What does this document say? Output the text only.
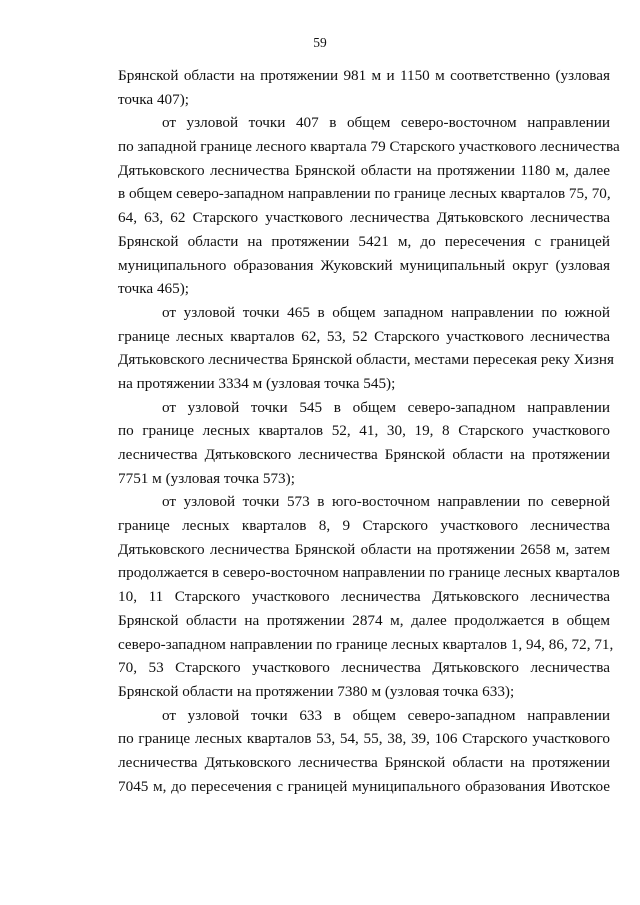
59
Брянской области на протяжении 981 м и 1150 м соответственно (узловая
точка 407);
от узловой точки 407 в общем северо-восточном направлении
по западной границе лесного квартала 79 Старского участкового лесничества
Дятьковского лесничества Брянской области на протяжении 1180 м, далее
в общем северо-западном направлении по границе лесных кварталов 75, 70,
64, 63, 62 Старского участкового лесничества Дятьковского лесничества
Брянской области на протяжении 5421 м, до пересечения с границей
муниципального образования Жуковский муниципальный округ (узловая
точка 465);
от узловой точки 465 в общем западном направлении по южной
границе лесных кварталов 62, 53, 52 Старского участкового лесничества
Дятьковского лесничества Брянской области, местами пересекая реку Хизня
на протяжении 3334 м (узловая точка 545);
от узловой точки 545 в общем северо-западном направлении
по границе лесных кварталов 52, 41, 30, 19, 8 Старского участкового
лесничества Дятьковского лесничества Брянской области на протяжении
7751 м (узловая точка 573);
от узловой точки 573 в юго-восточном направлении по северной
границе лесных кварталов 8, 9 Старского участкового лесничества
Дятьковского лесничества Брянской области на протяжении 2658 м, затем
продолжается в северо-восточном направлении по границе лесных кварталов
10, 11 Старского участкового лесничества Дятьковского лесничества
Брянской области на протяжении 2874 м, далее продолжается в общем
северо-западном направлении по границе лесных кварталов 1, 94, 86, 72, 71,
70, 53 Старского участкового лесничества Дятьковского лесничества
Брянской области на протяжении 7380 м (узловая точка 633);
от узловой точки 633 в общем северо-западном направлении
по границе лесных кварталов 53, 54, 55, 38, 39, 106 Старского участкового
лесничества Дятьковского лесничества Брянской области на протяжении
7045 м, до пересечения с границей муниципального образования Ивотское
